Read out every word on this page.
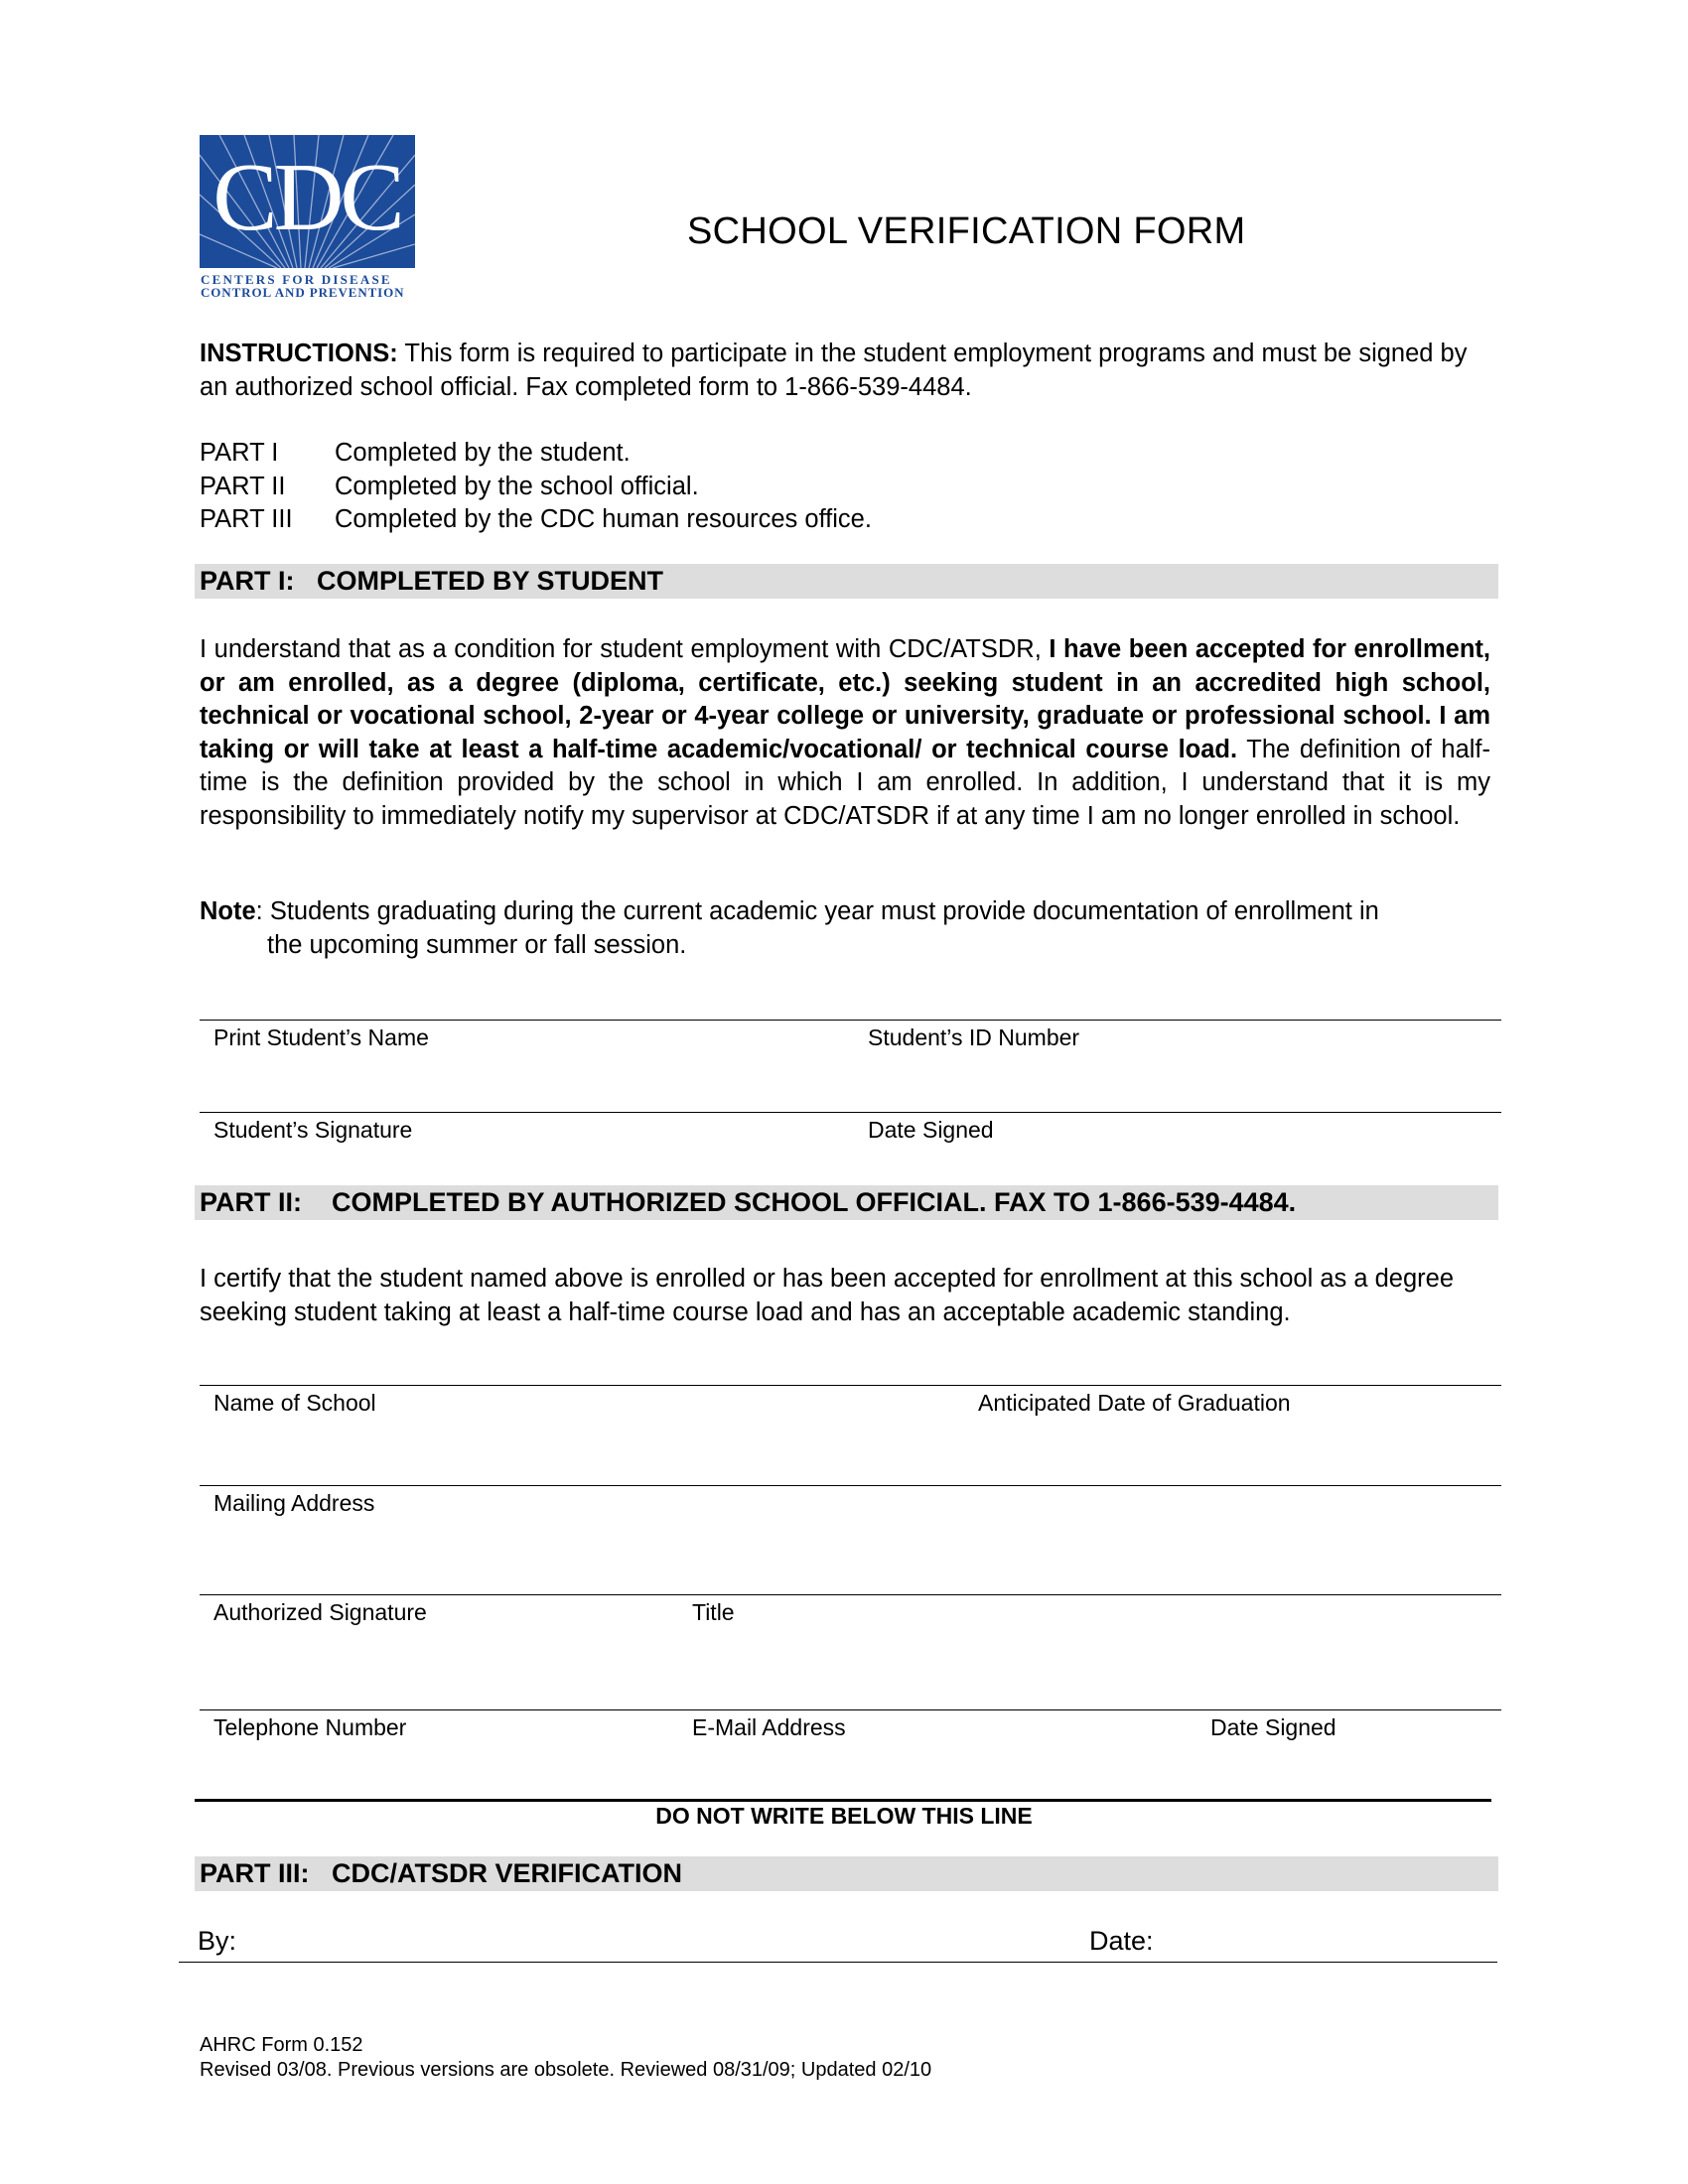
CDC
CENTERS FOR DISEASE
CONTROL AND PREVENTION
SCHOOL VERIFICATION FORM
INSTRUCTIONS: This form is required to participate in the student employment programs and must be signed by an authorized school official. Fax completed form to 1-866-539-4484.
PART I	Completed by the student.
PART II	Completed by the school official.
PART III	Completed by the CDC human resources office.
PART I:   COMPLETED BY STUDENT
I understand that as a condition for student employment with CDC/ATSDR, I have been accepted for enrollment, or am enrolled, as a degree (diploma, certificate, etc.) seeking student in an accredited high school, technical or vocational school, 2-year or 4-year college or university, graduate or professional school. I am taking or will take at least a half-time academic/vocational/ or technical course load. The definition of half-time is the definition provided by the school in which I am enrolled. In addition, I understand that it is my responsibility to immediately notify my supervisor at CDC/ATSDR if at any time I am no longer enrolled in school.
Note: Students graduating during the current academic year must provide documentation of enrollment in
the upcoming summer or fall session.
Print Student’s Name	Student’s ID Number
Student’s Signature	Date Signed
PART II:    COMPLETED BY AUTHORIZED SCHOOL OFFICIAL. FAX TO 1-866-539-4484.
I certify that the student named above is enrolled or has been accepted for enrollment at this school as a degree seeking student taking at least a half-time course load and has an acceptable academic standing.
Name of School	Anticipated Date of Graduation
Mailing Address
Authorized Signature	Title
Telephone Number	E-Mail Address	Date Signed
DO NOT WRITE BELOW THIS LINE
PART III:   CDC/ATSDR VERIFICATION
By:	Date:
AHRC Form 0.152
Revised 03/08. Previous versions are obsolete. Reviewed 08/31/09; Updated 02/10
